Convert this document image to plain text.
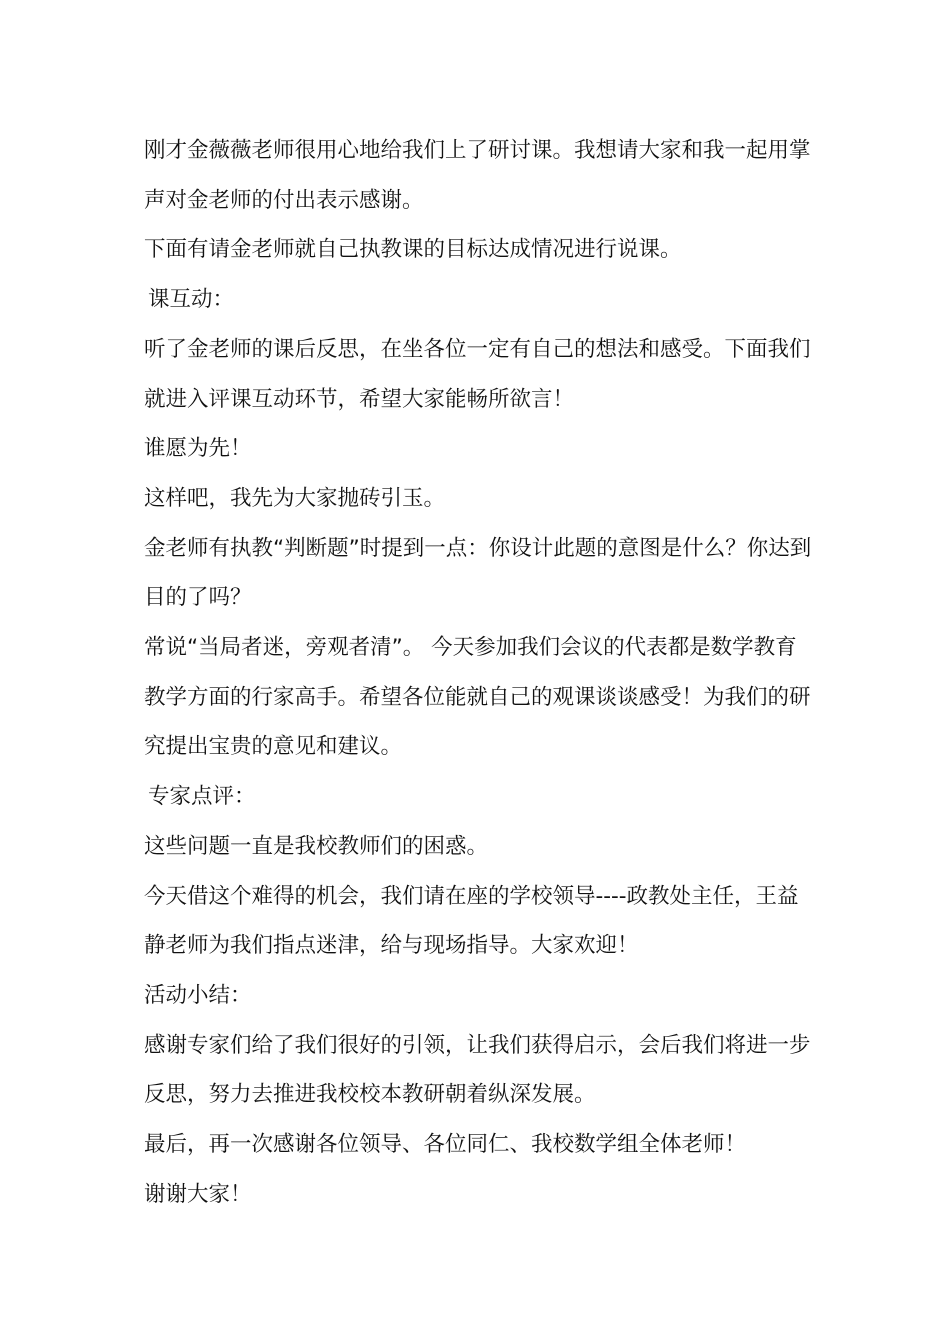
刚才金薇薇老师很用心地给我们上了研讨课。我想请大家和我一起用掌声对金老师的付出表示感谢。

下面有请金老师就自己执教课的目标达成情况进行说课。

课互动：

听了金老师的课后反思，在坐各位一定有自己的想法和感受。下面我们就进入评课互动环节，希望大家能畅所欲言！

谁愿为先！

这样吧，我先为大家抛砖引玉。

金老师有执教“判断题”时提到一点：你设计此题的意图是什么？你达到目的了吗？

常说“当局者迷，旁观者清”。 今天参加我们会议的代表都是数学教育教学方面的行家高手。希望各位能就自己的观课谈谈感受！为我们的研究提出宝贵的意见和建议。

专家点评：

这些问题一直是我校教师们的困惑。

今天借这个难得的机会，我们请在座的学校领导----政教处主任，王益静老师为我们指点迷津，给与现场指导。大家欢迎！

活动小结：

感谢专家们给了我们很好的引领，让我们获得启示，会后我们将进一步反思，努力去推进我校校本教研朝着纵深发展。

最后，再一次感谢各位领导、各位同仁、我校数学组全体老师！

谢谢大家！
